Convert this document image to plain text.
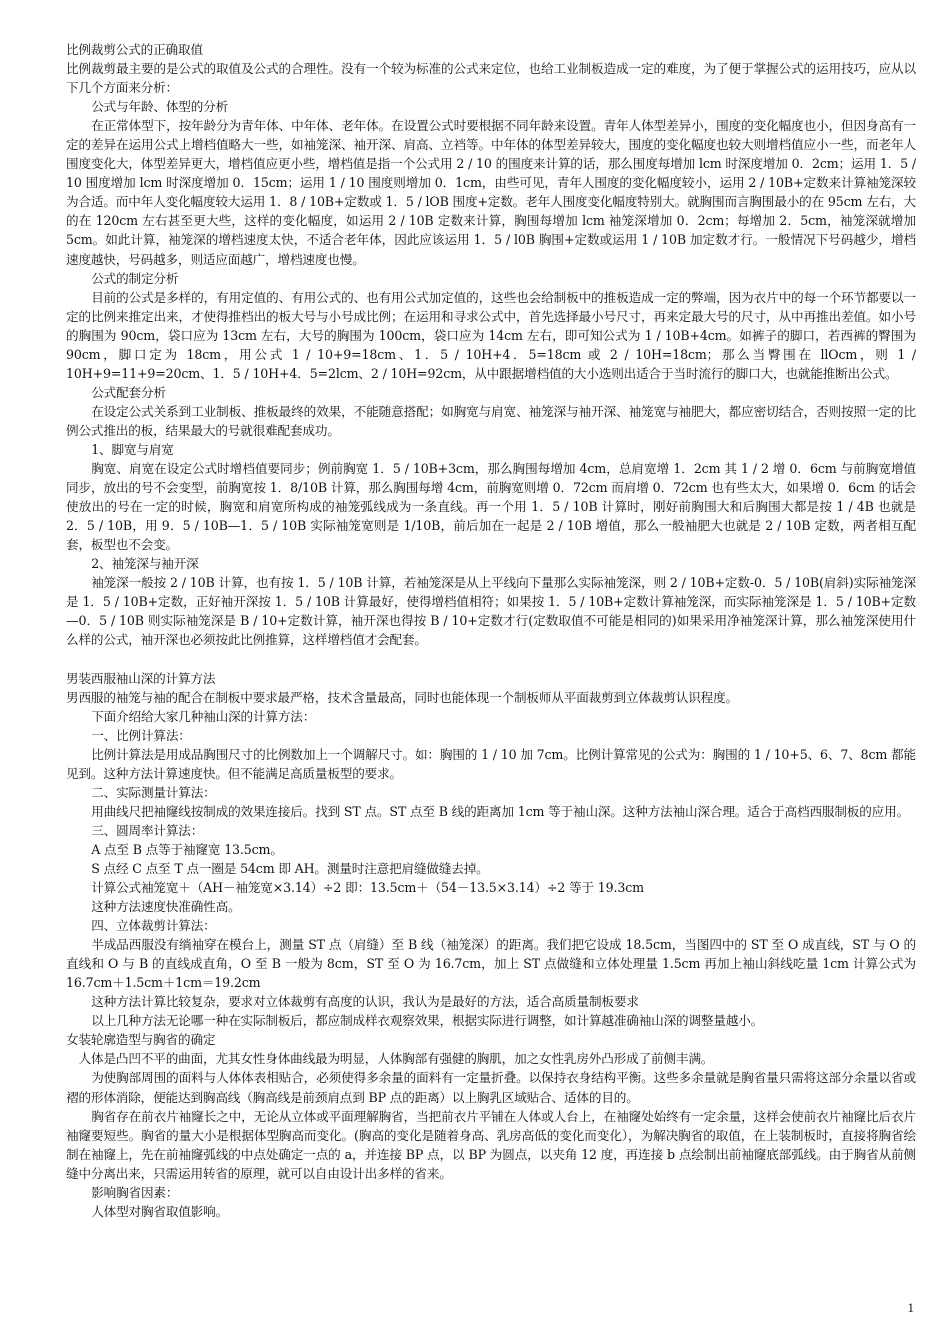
比例裁剪公式的正确取值

比例裁剪最主要的是公式的取值及公式的合理性。没有一个较为标准的公式来定位，也给工业制板造成一定的难度，为了便于掌握公式的运用技巧，应从以下几个方面来分析：

公式与年龄、体型的分析

在正常体型下，按年龄分为青年体、中年体、老年体。在设置公式时要根据不同年龄来设置。青年人体型差异小，围度的变化幅度也小，但因身高有一定的差异在运用公式上增档值略大一些，如袖笼深、袖开深、肩高、立裆等。中年体的体型差异较大，围度的变化幅度也较大则增档值应小一些，而老年人围度变化大，体型差异更大，增档值应更小些，增档值是指一个公式用 2 / 10 的围度来计算的话，那么围度每增加 lcm 时深度增加 0．2cm；运用 1．5 / 10 围度增加 lcm 时深度增加 0．15cm；运用 1 / 10 围度则增加 0．1cm，由些可见，青年人围度的变化幅度较小，运用 2 / 10B+定数来计算袖笼深较为合适。而中年人变化幅度较大运用 1．8 / 10B+定数或 1．5 / lOB 围度+定数。老年人围度变化幅度特别大。就胸围而言胸围最小的在 95cm 左右，大的在 120cm 左右甚至更大些，这样的变化幅度，如运用 2 / 10B 定数来计算，胸围每增加 lcm 袖笼深增加 0．2cm；每增加 2．5cm，袖笼深就增加 5cm。如此计算，袖笼深的增档速度太快，不适合老年体，因此应该运用 1．5 / l0B 胸围+定数或运用 1 / 10B 加定数才行。一般情况下号码越少，增档速度越快，号码越多，则适应面越广，增档速度也慢。

公式的制定分析

目前的公式是多样的，有用定值的、有用公式的、也有用公式加定值的，这些也会给制板中的推板造成一定的弊端，因为衣片中的每一个环节都要以一定的比例来推定出来，才使得推档出的板大号与小号成比例；在运用和寻求公式中，首先选择最小号尺寸，再来定最大号的尺寸，从中再推出差值。如小号的胸围为 90cm，袋口应为 13cm 左右，大号的胸围为 100cm，袋口应为 14cm 左右，即可知公式为 1 / 10B+4cm。如裤子的脚口，若西裤的臀围为 90cm，脚口定为 18cm，用公式 1 / 10+9=18cm、1．5 / 10H+4．5=18cm 或 2 / 10H=18cm；那么当臀围在 llOcm，则 1 / 10H+9=11+9=20cm、1．5 / 10H+4．5=2lcm、2 / 10H=92cm，从中跟据增档值的大小选则出适合于当时流行的脚口大，也就能推断出公式。

公式配套分析

在设定公式关系到工业制板、推板最终的效果，不能随意搭配；如胸宽与肩宽、袖笼深与袖开深、袖笼宽与袖肥大，都应密切结合，否则按照一定的比例公式推出的板，结果最大的号就很难配套成功。

1、脚宽与肩宽

胸宽、肩宽在设定公式时增档值要同步；例前胸宽 1．5 / 10B+3cm，那么胸围每增加 4cm，总肩宽增 1．2cm 其 1 / 2 增 0．6cm 与前胸宽增值同步，放出的号不会变型，前胸宽按 1．8/10B 计算，那么胸围每增 4cm，前胸宽则增 0．72cm 而肩增 0．72cm 也有些太大，如果增 0．6cm 的话会使放出的号在一定的时候，胸宽和肩宽所构成的袖笼弧线成为一条直线。再一个用 1．5 / 10B 计算时，刚好前胸围大和后胸围大都是按 1 / 4B 也就是 2．5 / 10B，用 9．5 / 10B—1．5 / 10B 实际袖笼宽则是 1/10B，前后加在一起是 2 / 10B 增值，那么一般袖肥大也就是 2 / 10B 定数，两者相互配套，板型也不会变。

2、袖笼深与袖开深

袖笼深一般按 2 / 10B 计算，也有按 1．5 / 10B 计算，若袖笼深是从上平线向下量那么实际袖笼深，则 2 / 10B+定数-0．5 / 10B(肩斜)实际袖笼深是 1．5 / 10B+定数，正好袖开深按 1．5 / 10B 计算最好，使得增档值相符；如果按 1．5 / 10B+定数计算袖笼深，而实际袖笼深是 1．5 / 10B+定数—0．5 / 10B 则实际袖笼深是 B / 10+定数计算，袖开深也得按 B / 10+定数才行(定数取值不可能是相同的)如果采用净袖笼深计算，那么袖笼深使用什么样的公式，袖开深也必须按此比例推算，这样增档值才会配套。

男装西服袖山深的计算方法

男西服的袖笼与袖的配合在制板中要求最严格，技术含量最高，同时也能体现一个制板师从平面裁剪到立体裁剪认识程度。

下面介绍给大家几种袖山深的计算方法：

一、比例计算法：

比例计算法是用成品胸围尺寸的比例数加上一个调解尺寸。如：胸围的 1 / 10 加 7cm。比例计算常见的公式为：胸围的 1 / 10+5、6、7、8cm 都能见到。这种方法计算速度快。但不能满足高质量板型的要求。

二、实际测量计算法：

用曲线尺把袖窿线按制成的效果连接后。找到 ST 点。ST 点至 B 线的距离加 1cm 等于袖山深。这种方法袖山深合理。适合于高档西服制板的应用。

三、圆周率计算法：

A 点至 B 点等于袖窿宽 13.5cm。

S 点经 C 点至 T 点一圈是 54cm 即 AH。测量时注意把肩缝做缝去掉。

计算公式袖笼宽＋（AH－袖笼宽×3.14）÷2 即：13.5cm＋（54－13.5×3.14）÷2 等于 19.3cm

这种方法速度快准确性高。

四、立体裁剪计算法：

半成品西服没有绱袖穿在模台上，测量 ST 点（肩缝）至 B 线（袖笼深）的距离。我们把它设成 18.5cm，当图四中的 ST 至 O 成直线，ST 与 O 的直线和 O 与 B 的直线成直角，O 至 B 一般为 8cm，ST 至 O 为 16.7cm，加上 ST 点做缝和立体处理量 1.5cm 再加上袖山斜线吃量 1cm 计算公式为 16.7cm＋1.5cm＋1cm＝19.2cm

这种方法计算比较复杂，要求对立体裁剪有高度的认识，我认为是最好的方法，适合高质量制板要求

以上几种方法无论哪一种在实际制板后，都应制成样衣观察效果，根据实际进行调整，如计算越准确袖山深的调整量越小。

女装轮廓造型与胸省的确定

人体是凸凹不平的曲面，尤其女性身体曲线最为明显，人体胸部有强健的胸肌，加之女性乳房外凸形成了前侧丰满。

为使胸部周围的面料与人体体表相贴合，必须使得多余量的面料有一定量折叠。以保持衣身结构平衡。这些多余量就是胸省量只需将这部分余量以省或褶的形体消除，便能达到胸高线（胸高线是前颈肩点到 BP 点的距离）以上胸乳区域贴合、适体的目的。

胸省存在前衣片袖窿长之中，无论从立体或平面理解胸省，当把前衣片平铺在人体或人台上，在袖窿处始终有一定余量，这样会使前衣片袖窿比后衣片袖窿要短些。胸省的量大小是根据体型胸高而变化。(胸高的变化是随着身高、乳房高低的变化而变化），为解决胸省的取值，在上装制板时，直接将胸省绘制在袖窿上，先在前袖窿弧线的中点处确定一点的 a，并连接 BP 点，以 BP 为圆点，以夹角 12 度，再连接 b 点绘制出前袖窿底部弧线。由于胸省从前侧缝中分离出来，只需运用转省的原理，就可以自由设计出多样的省来。

影响胸省因素：

人体型对胸省取值影响。

1
